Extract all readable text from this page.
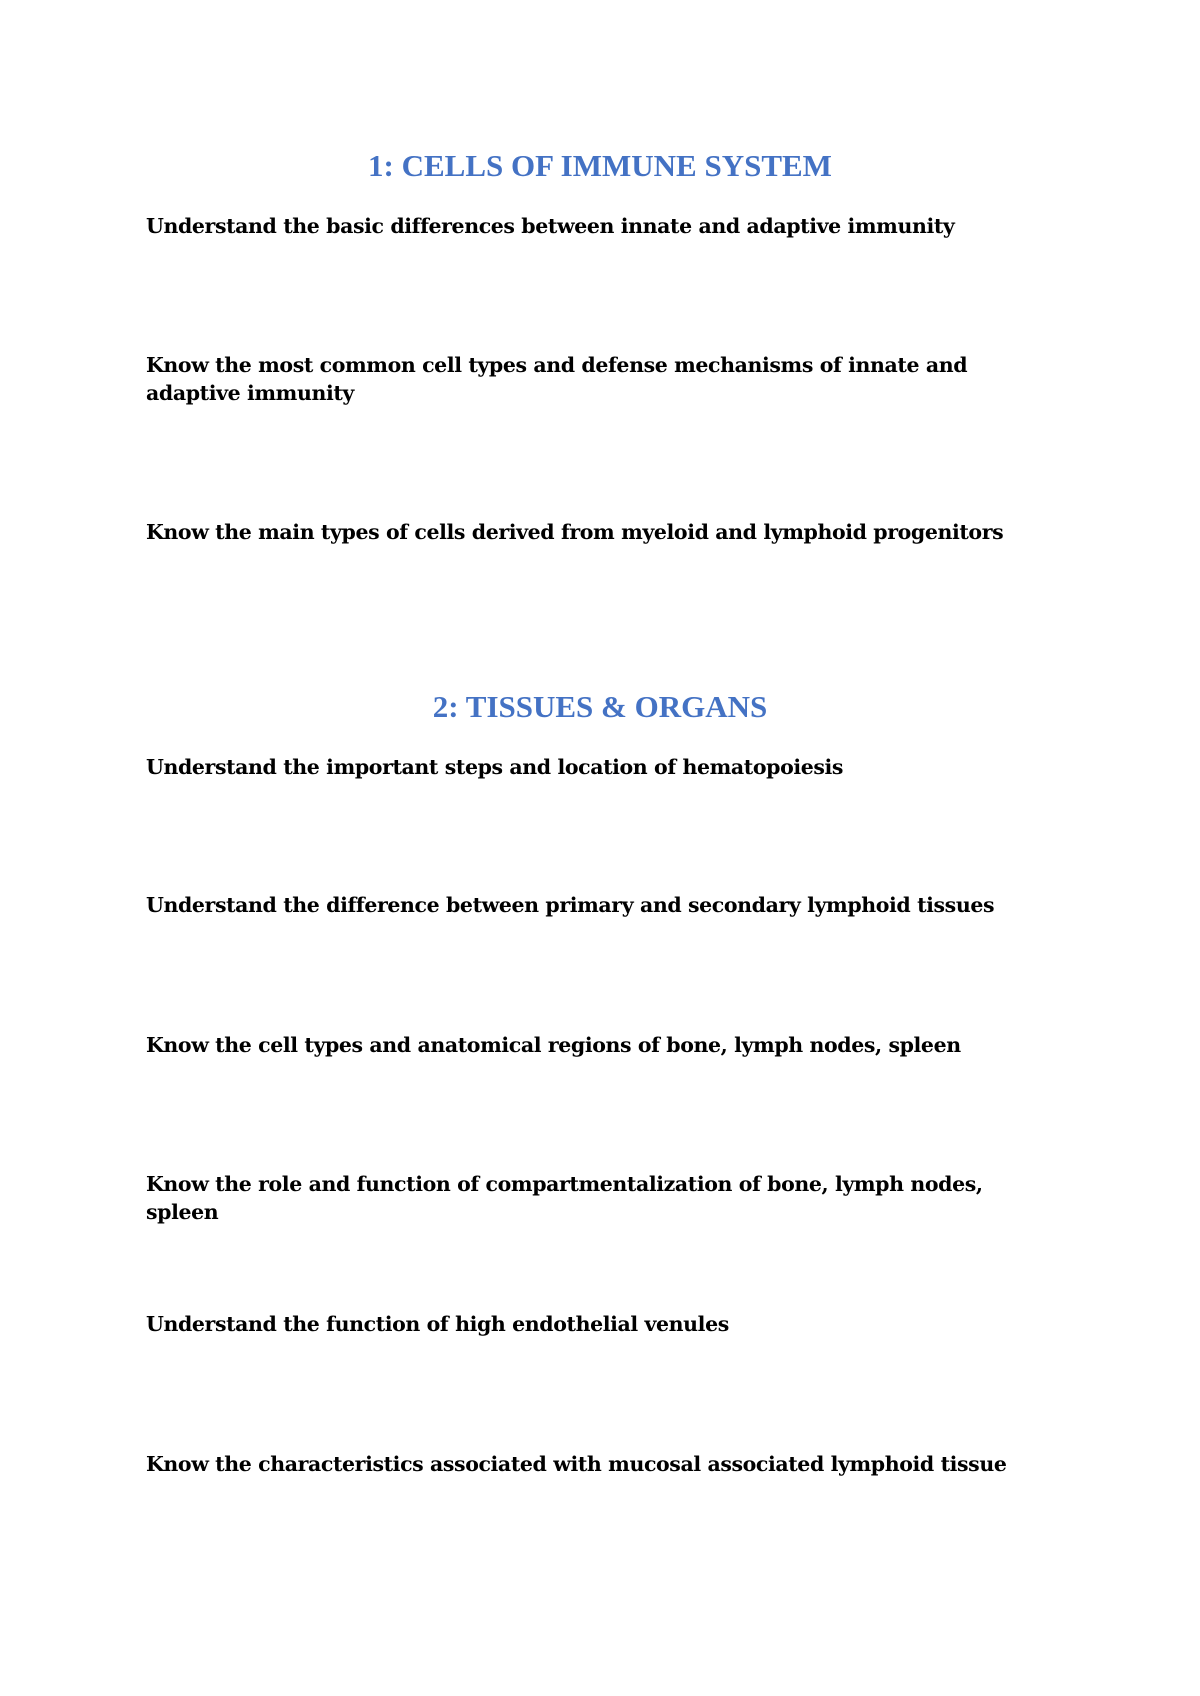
1: CELLS OF IMMUNE SYSTEM

Understand the basic differences between innate and adaptive immunity

Know the most common cell types and defense mechanisms of innate and adaptive immunity

Know the main types of cells derived from myeloid and lymphoid progenitors

2: TISSUES & ORGANS

Understand the important steps and location of hematopoiesis

Understand the difference between primary and secondary lymphoid tissues

Know the cell types and anatomical regions of bone, lymph nodes, spleen

Know the role and function of compartmentalization of bone, lymph nodes, spleen

Understand the function of high endothelial venules

Know the characteristics associated with mucosal associated lymphoid tissue
